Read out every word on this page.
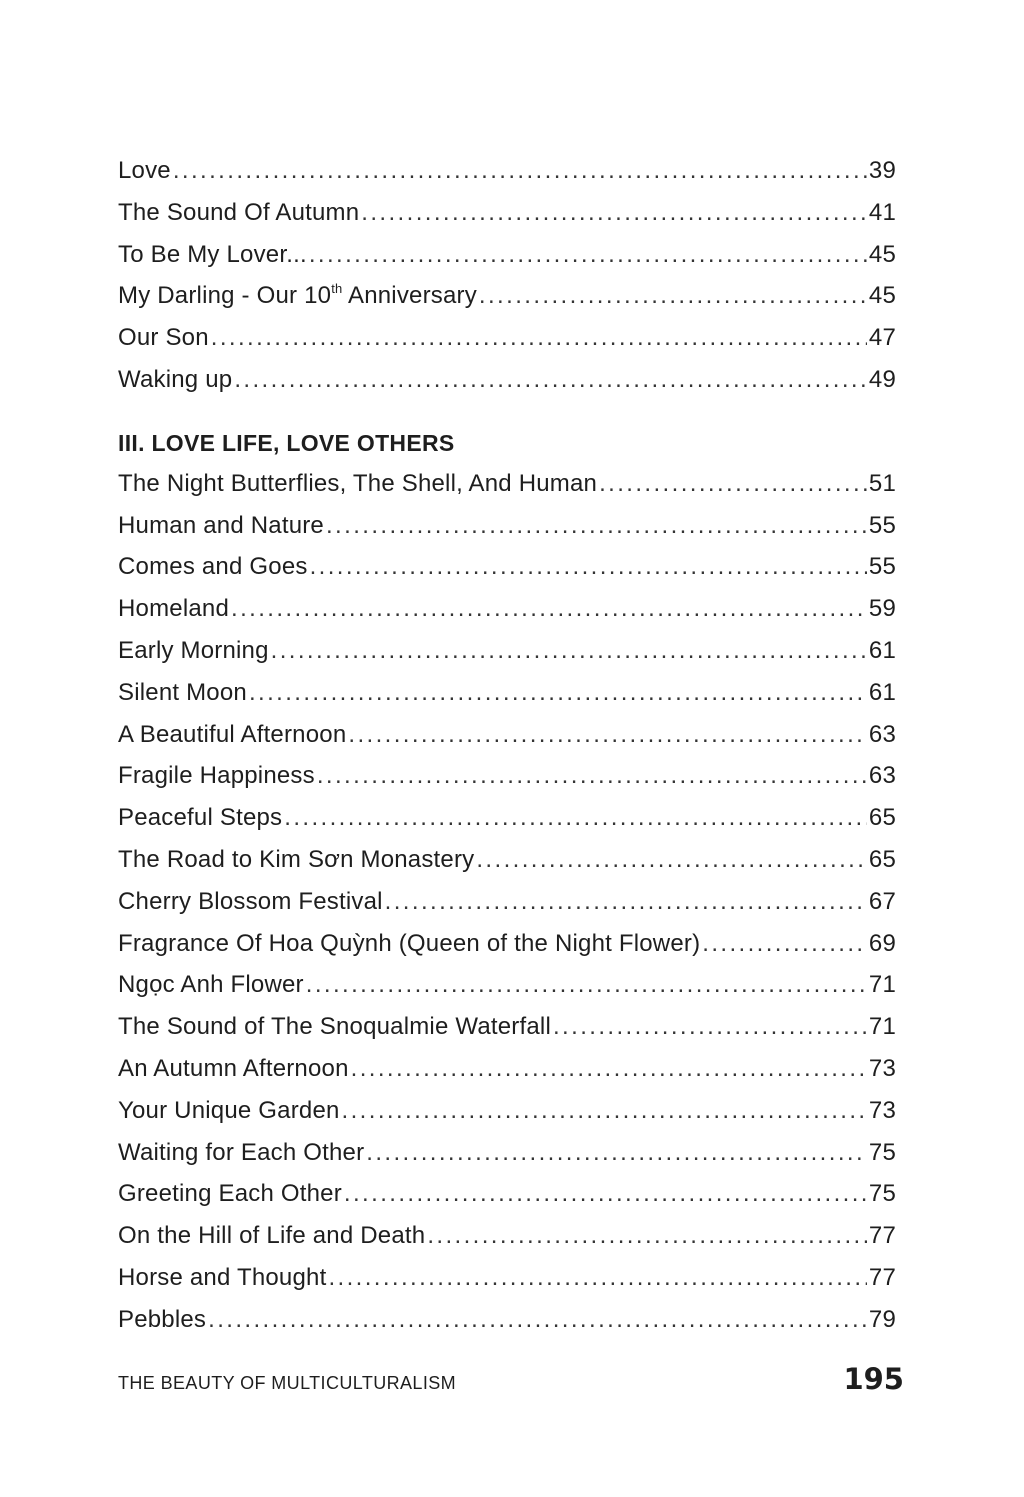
Love .....	39
The Sound Of Autumn .....	41
To Be My Lover... .....	45
My Darling - Our 10th Anniversary .....	45
Our Son .....	47
Waking up .....	49
III. LOVE LIFE, LOVE OTHERS
The Night Butterflies, The Shell, And Human .....	51
Human and Nature .....	55
Comes and Goes .....	55
Homeland .....	59
Early Morning .....	61
Silent Moon .....	61
A Beautiful Afternoon .....	63
Fragile Happiness .....	63
Peaceful Steps .....	65
The Road to Kim Sơn Monastery .....	65
Cherry Blossom Festival .....	67
Fragrance Of Hoa Quỳnh (Queen of the Night Flower) .....	69
Ngọc Anh Flower .....	71
The Sound of The Snoqualmie Waterfall .....	71
An Autumn Afternoon .....	73
Your Unique Garden .....	73
Waiting for Each Other .....	75
Greeting Each Other .....	75
On the Hill of Life and Death .....	77
Horse and Thought .....	77
Pebbles .....	79
THE BEAUTY OF MULTICULTURALISM	195
